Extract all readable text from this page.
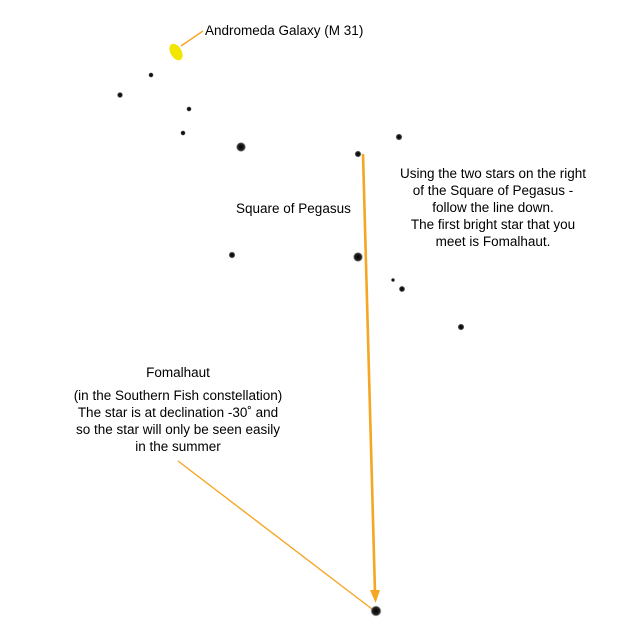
Andromeda Galaxy (M 31)
Square of Pegasus
Using the two stars on the right
of the Square of Pegasus -
follow the line down.
The first bright star that you
meet is Fomalhaut.
Fomalhaut
(in the Southern Fish constellation)
The star is at declination -30˚ and
so the star will only be seen easily
in the summer
